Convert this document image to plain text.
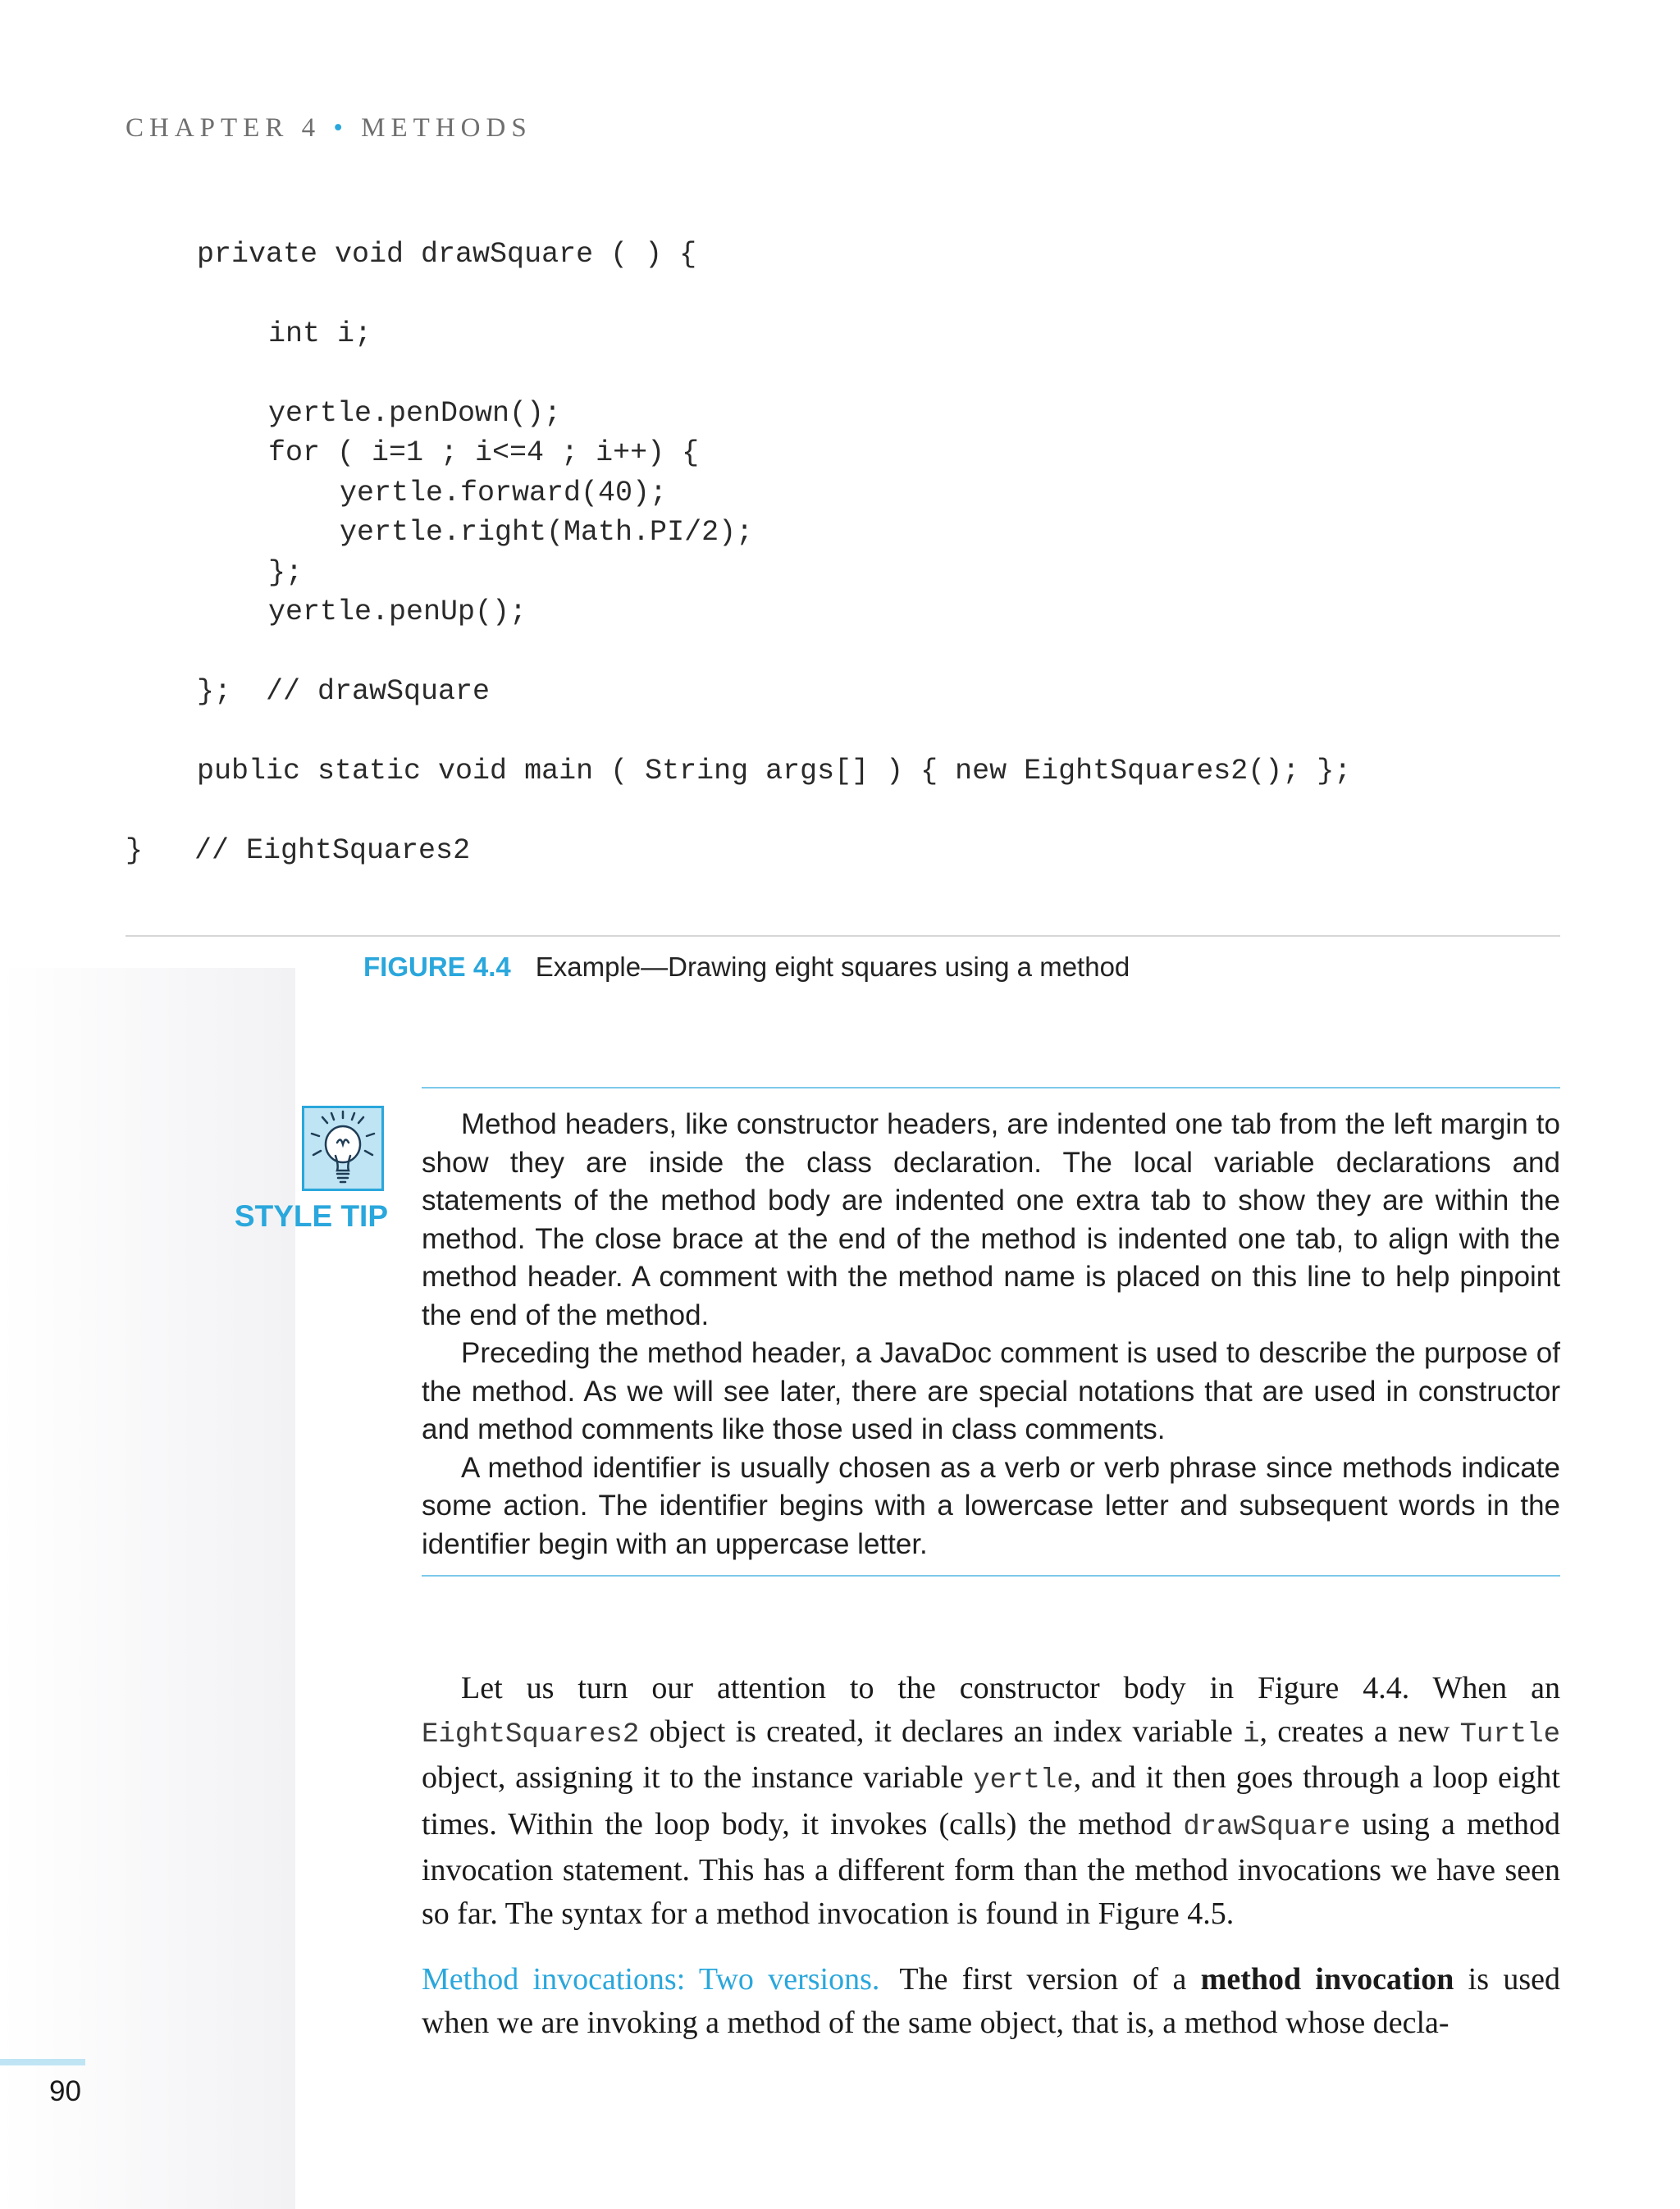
CHAPTER 4 • METHODS
private void drawSquare ( ) {
int i;
yertle.penDown();
for ( i=1 ; i<=4 ; i++) {
yertle.forward(40);
yertle.right(Math.PI/2);
};
yertle.penUp();
};  // drawSquare
public static void main ( String args[] ) { new EightSquares2(); };
}   // EightSquares2
FIGURE 4.4 Example—Drawing eight squares using a method
STYLE TIP

Method headers, like constructor headers, are indented one tab from the left margin to show they are inside the class declaration. The local variable declarations and statements of the method body are indented one extra tab to show they are within the method. The close brace at the end of the method is indented one tab, to align with the method header. A comment with the method name is placed on this line to help pinpoint the end of the method.

Preceding the method header, a JavaDoc comment is used to describe the purpose of the method. As we will see later, there are special notations that are used in constructor and method comments like those used in class comments.

A method identifier is usually chosen as a verb or verb phrase since methods indicate some action. The identifier begins with a lowercase letter and subsequent words in the identifier begin with an uppercase letter.

Let us turn our attention to the constructor body in Figure 4.4. When an EightSquares2 object is created, it declares an index variable i, creates a new Turtle object, assigning it to the instance variable yertle, and it then goes through a loop eight times. Within the loop body, it invokes (calls) the method drawSquare using a method invocation statement. This has a different form than the method invocations we have seen so far. The syntax for a method invocation is found in Figure 4.5.

Method invocations: Two versions. The first version of a method invocation is used when we are invoking a method of the same object, that is, a method whose decla-

90
